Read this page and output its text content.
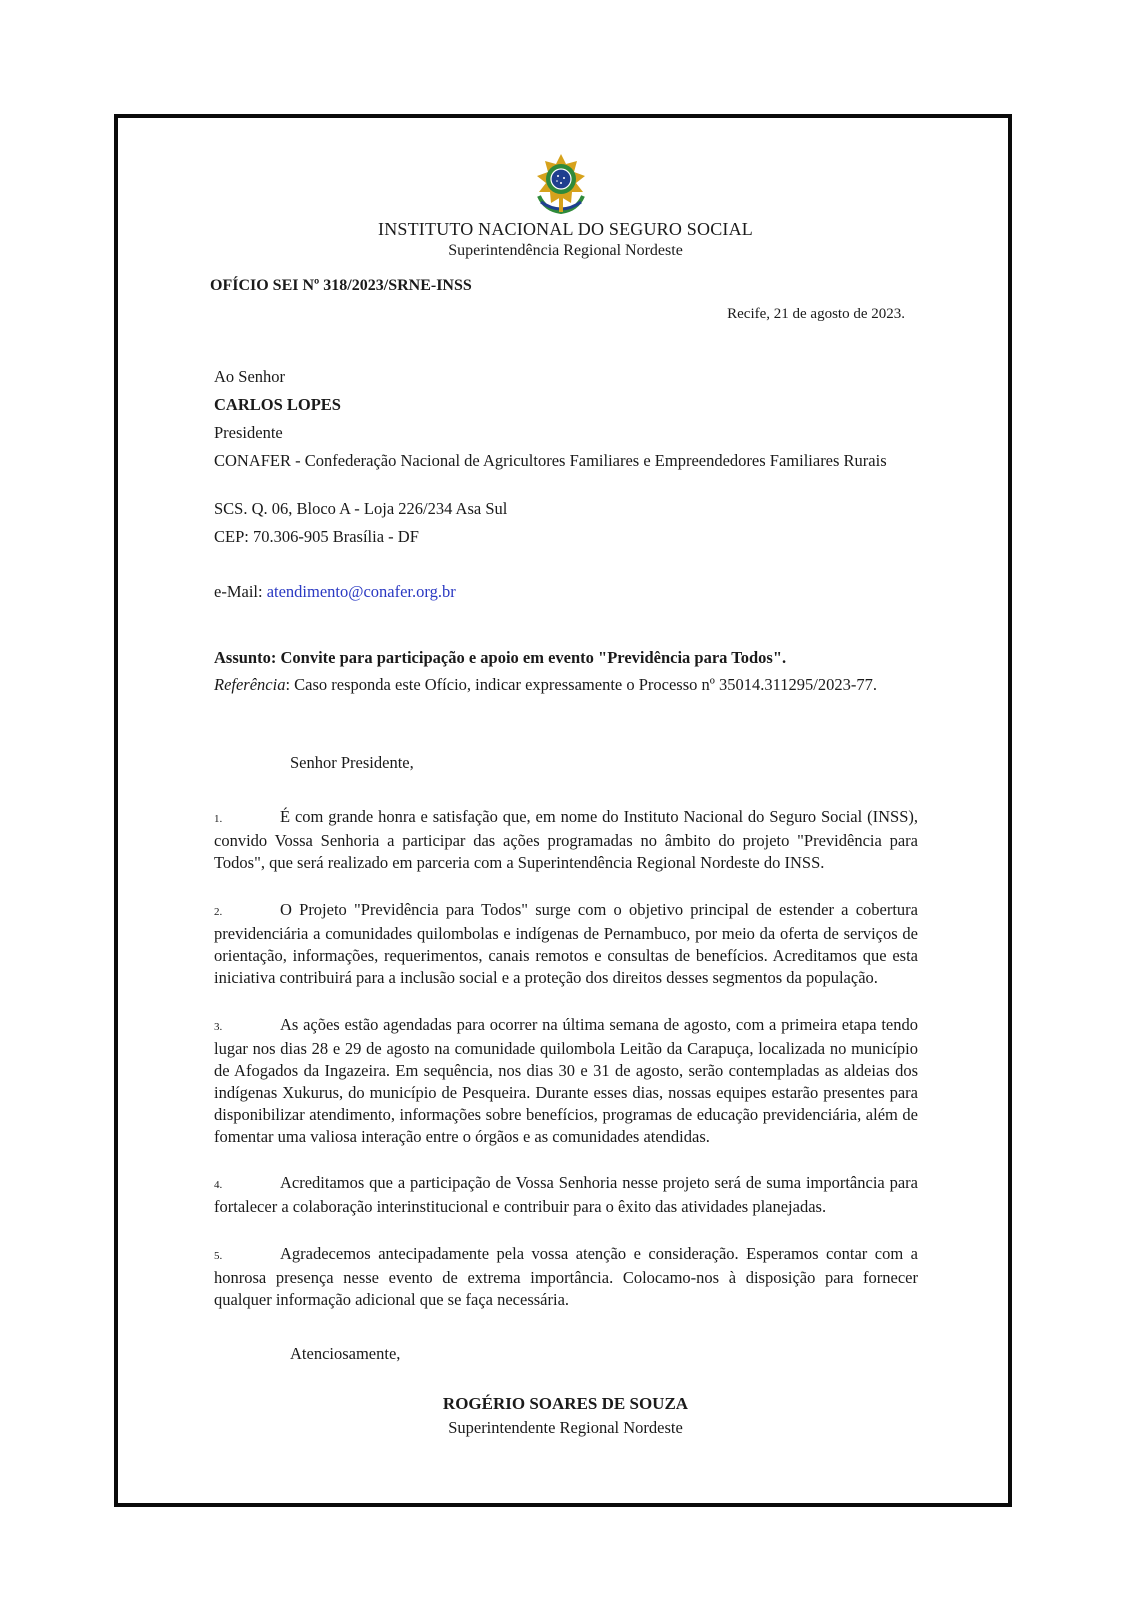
INSTITUTO NACIONAL DO SEGURO SOCIAL
Superintendência Regional Nordeste
OFÍCIO SEI Nº 318/2023/SRNE-INSS
Recife, 21 de agosto de 2023.
Ao Senhor
CARLOS LOPES
Presidente
CONAFER - Confederação Nacional de Agricultores Familiares e Empreendedores Familiares Rurais
SCS. Q. 06, Bloco A - Loja 226/234 Asa Sul
CEP: 70.306-905 Brasília - DF
e-Mail: atendimento@conafer.org.br
Assunto: Convite para participação e apoio em evento "Previdência para Todos".
Referência: Caso responda este Ofício, indicar expressamente o Processo nº 35014.311295/2023-77.
Senhor Presidente,
1.	É com grande honra e satisfação que, em nome do Instituto Nacional do Seguro Social (INSS), convido Vossa Senhoria a participar das ações programadas no âmbito do projeto "Previdência para Todos", que será realizado em parceria com a Superintendência Regional Nordeste do INSS.
2.	O Projeto "Previdência para Todos" surge com o objetivo principal de estender a cobertura previdenciária a comunidades quilombolas e indígenas de Pernambuco, por meio da oferta de serviços de orientação, informações, requerimentos, canais remotos e consultas de benefícios. Acreditamos que esta iniciativa contribuirá para a inclusão social e a proteção dos direitos desses segmentos da população.
3.	As ações estão agendadas para ocorrer na última semana de agosto, com a primeira etapa tendo lugar nos dias 28 e 29 de agosto na comunidade quilombola Leitão da Carapuça, localizada no município de Afogados da Ingazeira. Em sequência, nos dias 30 e 31 de agosto, serão contempladas as aldeias dos indígenas Xukurus, do município de Pesqueira. Durante esses dias, nossas equipes estarão presentes para disponibilizar atendimento, informações sobre benefícios, programas de educação previdenciária, além de fomentar uma valiosa interação entre o órgãos e as comunidades atendidas.
4.	Acreditamos que a participação de Vossa Senhoria nesse projeto será de suma importância para fortalecer a colaboração interinstitucional e contribuir para o êxito das atividades planejadas.
5.	Agradecemos antecipadamente pela vossa atenção e consideração. Esperamos contar com a honrosa presença nesse evento de extrema importância. Colocamo-nos à disposição para fornecer qualquer informação adicional que se faça necessária.
Atenciosamente,
ROGÉRIO SOARES DE SOUZA
Superintendente Regional Nordeste
